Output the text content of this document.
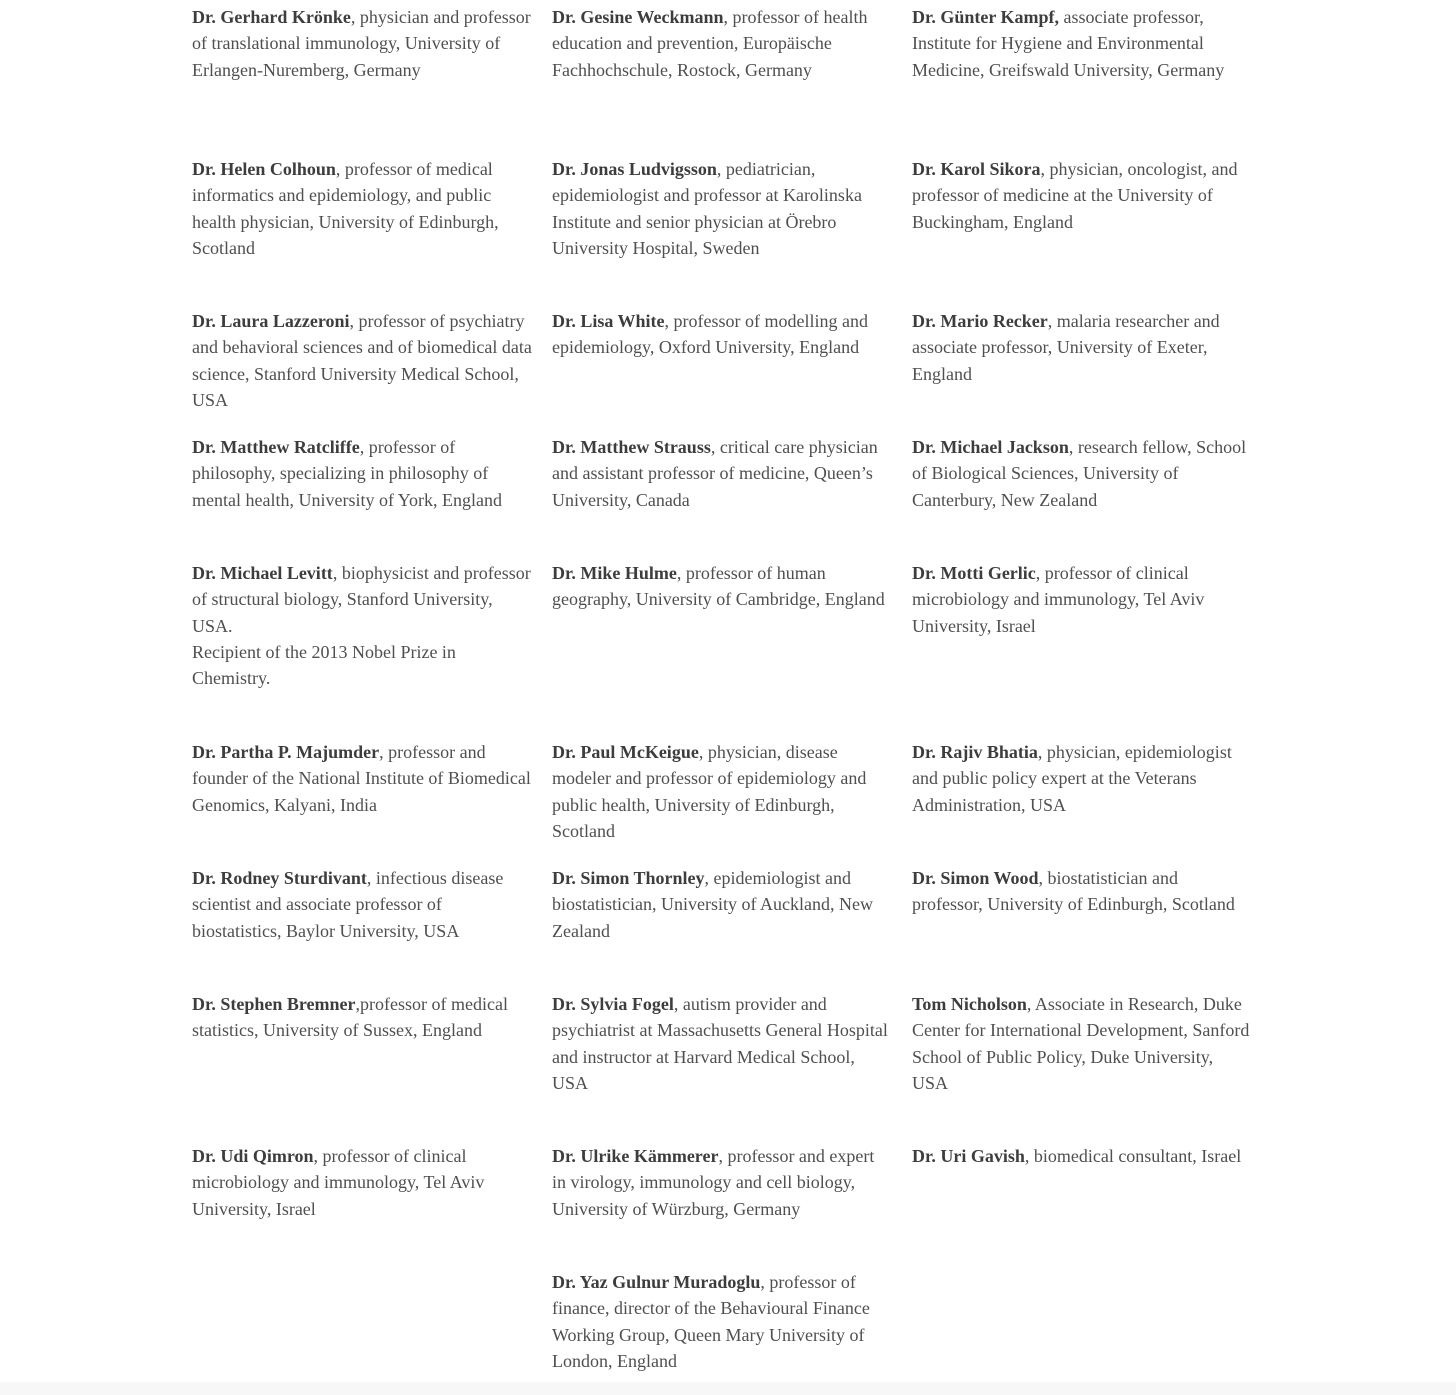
Dr. Gerhard Krönke, physician and professor of translational immunology, University of Erlangen-Nuremberg, Germany
Dr. Gesine Weckmann, professor of health education and prevention, Europäische Fachhochschule, Rostock, Germany
Dr. Günter Kampf, associate professor, Institute for Hygiene and Environmental Medicine, Greifswald University, Germany
Dr. Helen Colhoun, professor of medical informatics and epidemiology, and public health physician, University of Edinburgh, Scotland
Dr. Jonas Ludvigsson, pediatrician, epidemiologist and professor at Karolinska Institute and senior physician at Örebro University Hospital, Sweden
Dr. Karol Sikora, physician, oncologist, and professor of medicine at the University of Buckingham, England
Dr. Laura Lazzeroni, professor of psychiatry and behavioral sciences and of biomedical data science, Stanford University Medical School, USA
Dr. Lisa White, professor of modelling and epidemiology, Oxford University, England
Dr. Mario Recker, malaria researcher and associate professor, University of Exeter, England
Dr. Matthew Ratcliffe, professor of philosophy, specializing in philosophy of mental health, University of York, England
Dr. Matthew Strauss, critical care physician and assistant professor of medicine, Queen’s University, Canada
Dr. Michael Jackson, research fellow, School of Biological Sciences, University of Canterbury, New Zealand
Dr. Michael Levitt, biophysicist and professor of structural biology, Stanford University, USA.
Recipient of the 2013 Nobel Prize in Chemistry.
Dr. Mike Hulme, professor of human geography, University of Cambridge, England
Dr. Motti Gerlic, professor of clinical microbiology and immunology, Tel Aviv University, Israel
Dr. Partha P. Majumder, professor and founder of the National Institute of Biomedical Genomics, Kalyani, India
Dr. Paul McKeigue, physician, disease modeler and professor of epidemiology and public health, University of Edinburgh, Scotland
Dr. Rajiv Bhatia, physician, epidemiologist and public policy expert at the Veterans Administration, USA
Dr. Rodney Sturdivant, infectious disease scientist and associate professor of biostatistics, Baylor University, USA
Dr. Simon Thornley, epidemiologist and biostatistician, University of Auckland, New Zealand
Dr. Simon Wood, biostatistician and professor, University of Edinburgh, Scotland
Dr. Stephen Bremner,professor of medical statistics, University of Sussex, England
Dr. Sylvia Fogel, autism provider and psychiatrist at Massachusetts General Hospital and instructor at Harvard Medical School, USA
Tom Nicholson, Associate in Research, Duke Center for International Development, Sanford School of Public Policy, Duke University, USA
Dr. Udi Qimron, professor of clinical microbiology and immunology, Tel Aviv University, Israel
Dr. Ulrike Kämmerer, professor and expert in virology, immunology and cell biology, University of Würzburg, Germany
Dr. Uri Gavish, biomedical consultant, Israel
Dr. Yaz Gulnur Muradoglu, professor of finance, director of the Behavioural Finance Working Group, Queen Mary University of London, England
